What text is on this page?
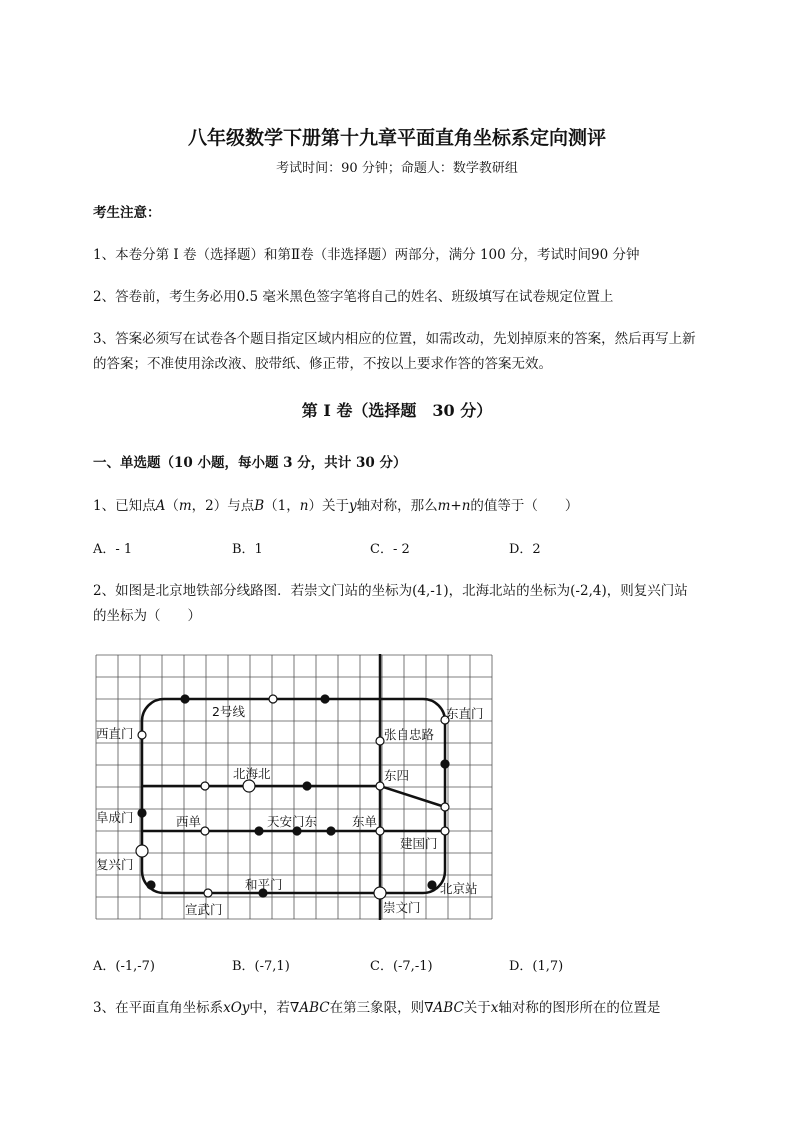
八年级数学下册第十九章平面直角坐标系定向测评
考试时间：90 分钟；命题人：数学教研组
考生注意：
1、本卷分第 I 卷（选择题）和第Ⅱ卷（非选择题）两部分，满分 100 分，考试时间90 分钟
2、答卷前，考生务必用0.5 毫米黑色签字笔将自己的姓名、班级填写在试卷规定位置上
3、答案必须写在试卷各个题目指定区域内相应的位置，如需改动，先划掉原来的答案，然后再写上新
的答案；不准使用涂改液、胶带纸、修正带，不按以上要求作答的答案无效。
第 I 卷（选择题　30 分）
一、单选题（10 小题，每小题 3 分，共计 30 分）
1、已知点A（m，2）与点B（1，n）关于y轴对称，那么m+n的值等于（　　）
A．- 1	B．1	C．- 2	D．2
2、如图是北京地铁部分线路图．若崇文门站的坐标为(4,-1)，北海北站的坐标为(-2,4)，则复兴门站
的坐标为（　　）
2号线
西直门
东直门
张自忠路
北海北	东四
阜成门	西单	天安门东	东单
建国门
复兴门
和平门	北京站
宣武门	崇文门
A．(-1,-7)	B．(-7,1)	C．(-7,-1)	D．(1,7)
3、在平面直角坐标系xOy中，若∇ABC在第三象限，则∇ABC关于x轴对称的图形所在的位置是
